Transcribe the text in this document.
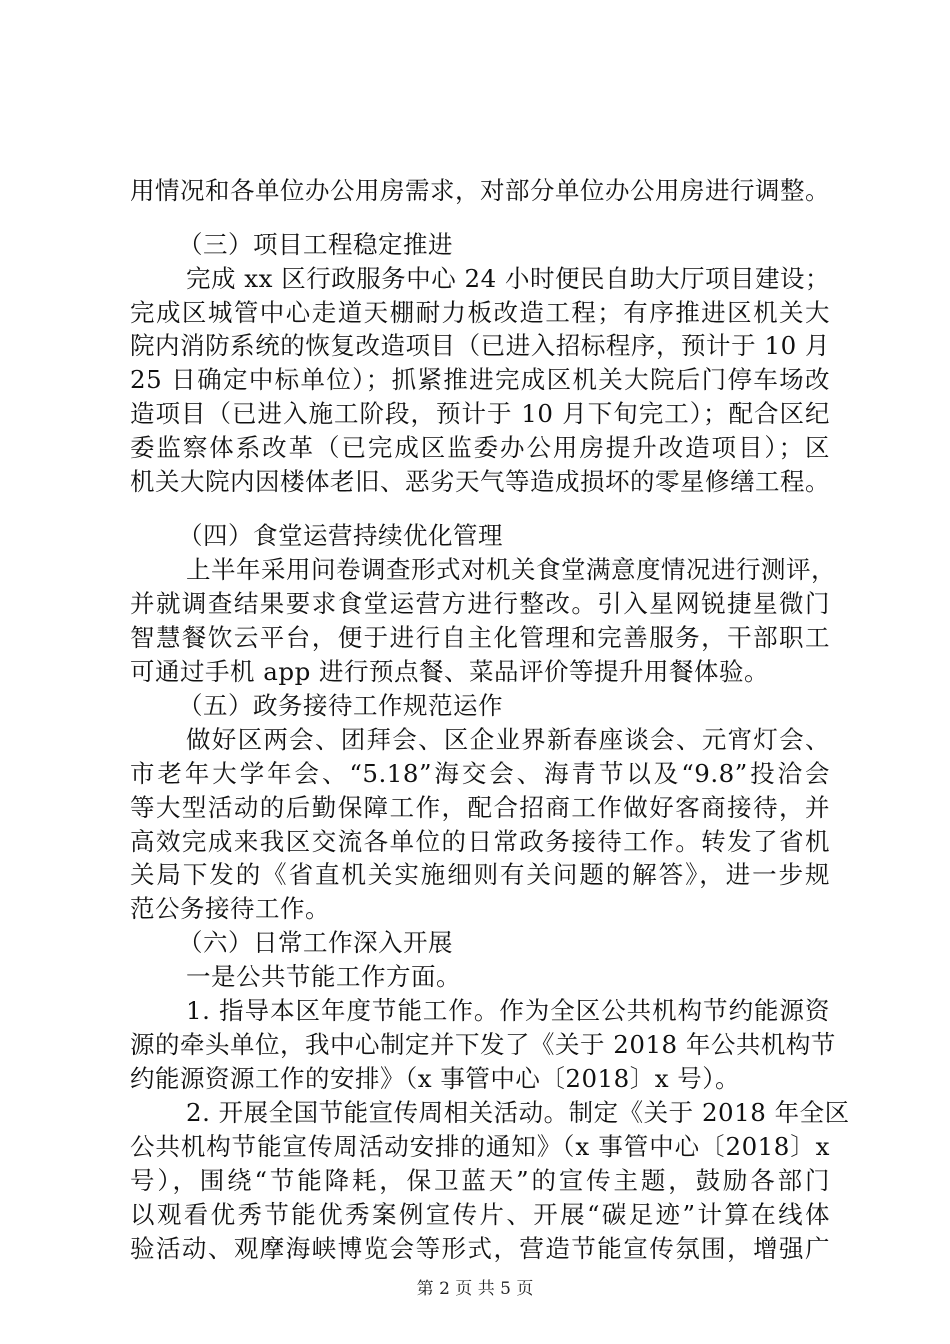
用情况和各单位办公用房需求，对部分单位办公用房进行调整。
（三）项目工程稳定推进
完成 xx 区行政服务中心 24 小时便民自助大厅项目建设；
完成区城管中心走道天棚耐力板改造工程；有序推进区机关大
院内消防系统的恢复改造项目（已进入招标程序，预计于 10 月
25 日确定中标单位）；抓紧推进完成区机关大院后门停车场改
造项目（已进入施工阶段，预计于 10 月下旬完工）；配合区纪
委监察体系改革（已完成区监委办公用房提升改造项目）；区
机关大院内因楼体老旧、恶劣天气等造成损坏的零星修缮工程。
（四）食堂运营持续优化管理
上半年采用问卷调查形式对机关食堂满意度情况进行测评，
并就调查结果要求食堂运营方进行整改。引入星网锐捷星微门
智慧餐饮云平台，便于进行自主化管理和完善服务，干部职工
可通过手机 app 进行预点餐、菜品评价等提升用餐体验。
（五）政务接待工作规范运作
做好区两会、团拜会、区企业界新春座谈会、元宵灯会、
市老年大学年会、“5.18”海交会、海青节以及“9.8”投洽会
等大型活动的后勤保障工作，配合招商工作做好客商接待，并
高效完成来我区交流各单位的日常政务接待工作。转发了省机
关局下发的《省直机关实施细则有关问题的解答》，进一步规
范公务接待工作。
（六）日常工作深入开展
一是公共节能工作方面。
1. 指导本区年度节能工作。作为全区公共机构节约能源资
源的牵头单位，我中心制定并下发了《关于 2018 年公共机构节
约能源资源工作的安排》（x 事管中心〔2018〕x 号）。
2. 开展全国节能宣传周相关活动。制定《关于 2018 年全区
公共机构节能宣传周活动安排的通知》（x 事管中心〔2018〕x
号），围绕“节能降耗，保卫蓝天”的宣传主题，鼓励各部门
以观看优秀节能优秀案例宣传片、开展“碳足迹”计算在线体
验活动、观摩海峡博览会等形式，营造节能宣传氛围，增强广
第 2 页 共 5 页
